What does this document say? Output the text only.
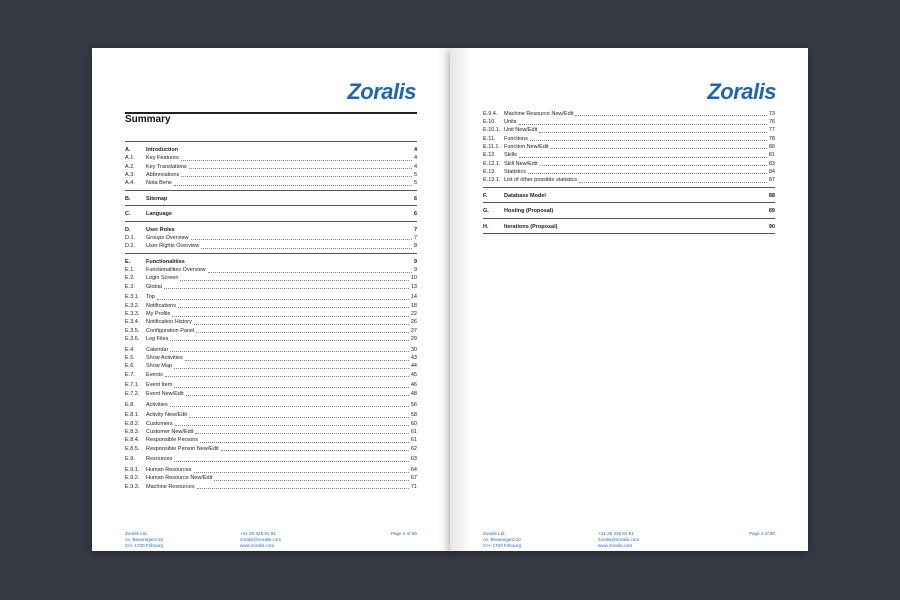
Zoralis
Summary
A.	Introduction	4
A.1.	Key Features	4
A.2.	Key Translations	4
A.3.	Abbreviations	5
A.4.	Nota Bene	5
B.	Sitemap	6
C.	Language	6
D.	User Roles	7
D.1.	Groups Overview	7
D.2.	User Rights Overview	8
E.	Functionalities	9
E.1.	Functionalities Overview	9
E.2.	Login Screen	10
E.3.	Global	13
E.3.1.	Top	14
E.3.2.	Notifications	18
E.3.3.	My Profile	22
E.3.4.	Notification History	26
E.3.5.	Configuration Panel	27
E.3.6.	Log Files	29
E.4.	Calendar	30
E.5.	Show Activities	43
E.6.	Show Map	44
E.7.	Events	45
E.7.1.	Event Item	46
E.7.2.	Event New/Edit	48
E.8.	Activities	56
E.8.1.	Activity New/Edit	58
E.8.2.	Customers	60
E.8.3.	Customer New/Edit	61
E.8.4.	Responsible Persons	61
E.8.5.	Responsible Person New/Edit	62
E.9.	Resources	63
E.9.1.	Human Resources	64
E.9.2.	Human Resource New/Edit	67
E.9.3.	Machine Resources	71
Zoralis Ltd.
Av. Beauregard 10
CH- 1700 Fribourg
+41 26 425 81 81
zoralis@zoralis.com
www.zoralis.com
Page 2 of 90
Zoralis
E.9.4.	Machine Resource New/Edit	73
E.10.	Units	76
E.10.1. Unit New/Edit	77
E.11.	Functions	78
E.11.1. Function New/Edit	80
E.12.	Skills	81
E.12.1. Skill New/Edit	83
E.13.	Statistics	84
E.13.1. List of other possible statistics	87
F.	Database Model	88
G.	Hosting (Proposal)	89
H.	Iterations (Proposal)	90
Zoralis Ltd.
Av. Beauregard 10
CH- 1700 Fribourg
+41 26 425 81 81
zoralis@zoralis.com
www.zoralis.com
Page 3 of 90
